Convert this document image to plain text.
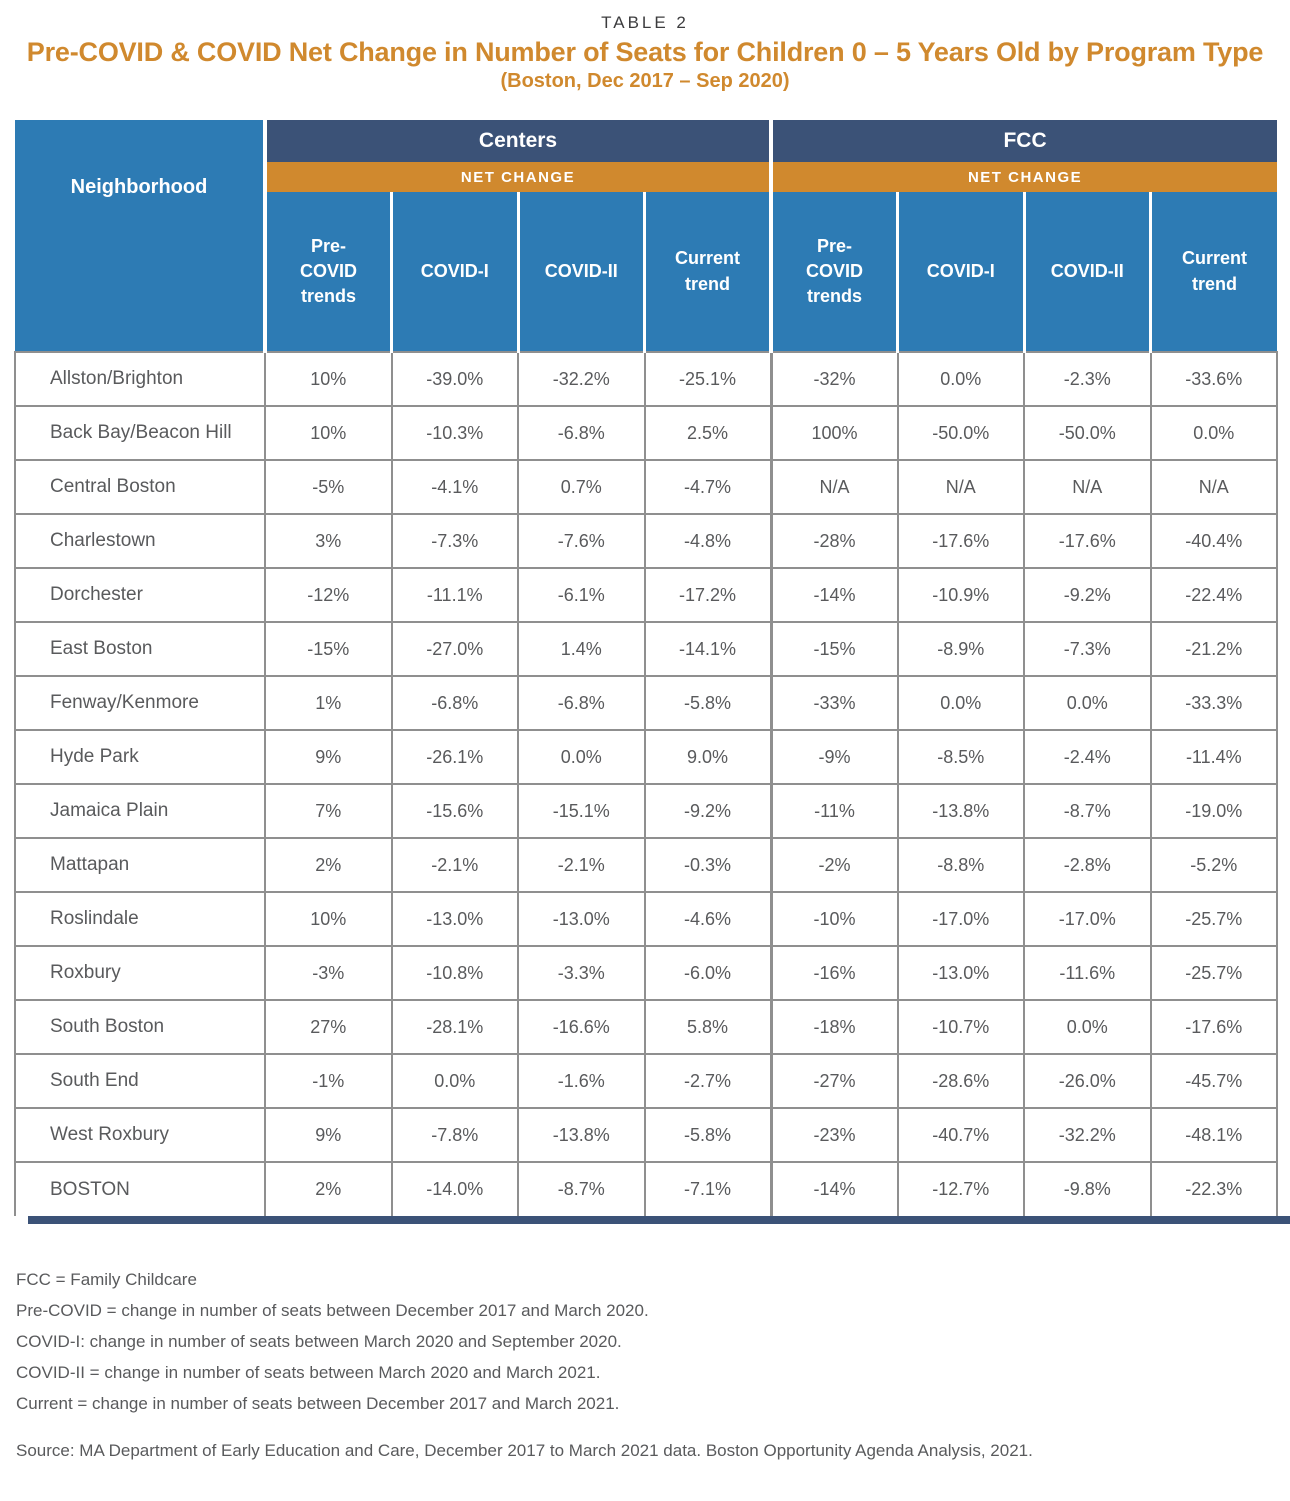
TABLE 2

Pre-COVID & COVID Net Change in Number of Seats for Children 0 – 5 Years Old by Program Type

(Boston, Dec 2017 – Sep 2020)

Neighborhood	Centers				FCC			
	NET CHANGE				NET CHANGE			
	Pre-COVID trends	COVID-I	COVID-II	Current trend	Pre-COVID trends	COVID-I	COVID-II	Current trend
Allston/Brighton	10%	-39.0%	-32.2%	-25.1%	-32%	0.0%	-2.3%	-33.6%
Back Bay/Beacon Hill	10%	-10.3%	-6.8%	2.5%	100%	-50.0%	-50.0%	0.0%
Central Boston	-5%	-4.1%	0.7%	-4.7%	N/A	N/A	N/A	N/A
Charlestown	3%	-7.3%	-7.6%	-4.8%	-28%	-17.6%	-17.6%	-40.4%
Dorchester	-12%	-11.1%	-6.1%	-17.2%	-14%	-10.9%	-9.2%	-22.4%
East Boston	-15%	-27.0%	1.4%	-14.1%	-15%	-8.9%	-7.3%	-21.2%
Fenway/Kenmore	1%	-6.8%	-6.8%	-5.8%	-33%	0.0%	0.0%	-33.3%
Hyde Park	9%	-26.1%	0.0%	9.0%	-9%	-8.5%	-2.4%	-11.4%
Jamaica Plain	7%	-15.6%	-15.1%	-9.2%	-11%	-13.8%	-8.7%	-19.0%
Mattapan	2%	-2.1%	-2.1%	-0.3%	-2%	-8.8%	-2.8%	-5.2%
Roslindale	10%	-13.0%	-13.0%	-4.6%	-10%	-17.0%	-17.0%	-25.7%
Roxbury	-3%	-10.8%	-3.3%	-6.0%	-16%	-13.0%	-11.6%	-25.7%
South Boston	27%	-28.1%	-16.6%	5.8%	-18%	-10.7%	0.0%	-17.6%
South End	-1%	0.0%	-1.6%	-2.7%	-27%	-28.6%	-26.0%	-45.7%
West Roxbury	9%	-7.8%	-13.8%	-5.8%	-23%	-40.7%	-32.2%	-48.1%
BOSTON	2%	-14.0%	-8.7%	-7.1%	-14%	-12.7%	-9.8%	-22.3%

FCC = Family Childcare

Pre-COVID = change in number of seats between December 2017 and March 2020.

COVID-I: change in number of seats between March 2020 and September 2020.

COVID-II = change in number of seats between March 2020 and March 2021.

Current = change in number of seats between December 2017 and March 2021.

Source: MA Department of Early Education and Care, December 2017 to March 2021 data. Boston Opportunity Agenda Analysis, 2021.
